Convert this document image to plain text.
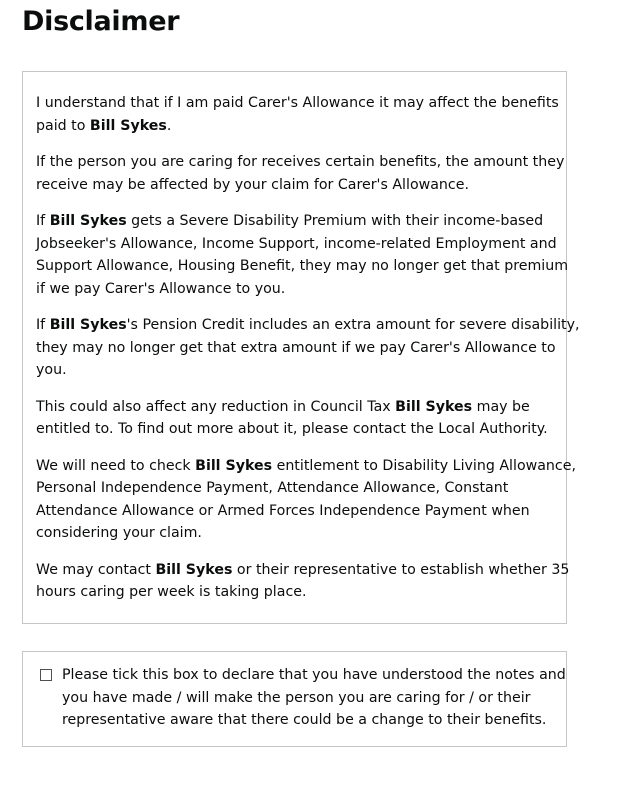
Disclaimer

I understand that if I am paid Carer's Allowance it may affect the benefits
paid to Bill Sykes.

If the person you are caring for receives certain benefits, the amount they
receive may be affected by your claim for Carer's Allowance.

If Bill Sykes gets a Severe Disability Premium with their income-based
Jobseeker's Allowance, Income Support, income-related Employment and
Support Allowance, Housing Benefit, they may no longer get that premium
if we pay Carer's Allowance to you.

If Bill Sykes's Pension Credit includes an extra amount for severe disability,
they may no longer get that extra amount if we pay Carer's Allowance to
you.

This could also affect any reduction in Council Tax Bill Sykes may be
entitled to. To find out more about it, please contact the Local Authority.

We will need to check Bill Sykes entitlement to Disability Living Allowance,
Personal Independence Payment, Attendance Allowance, Constant
Attendance Allowance or Armed Forces Independence Payment when
considering your claim.

We may contact Bill Sykes or their representative to establish whether 35
hours caring per week is taking place.

Please tick this box to declare that you have understood the notes and
you have made / will make the person you are caring for / or their
representative aware that there could be a change to their benefits.
